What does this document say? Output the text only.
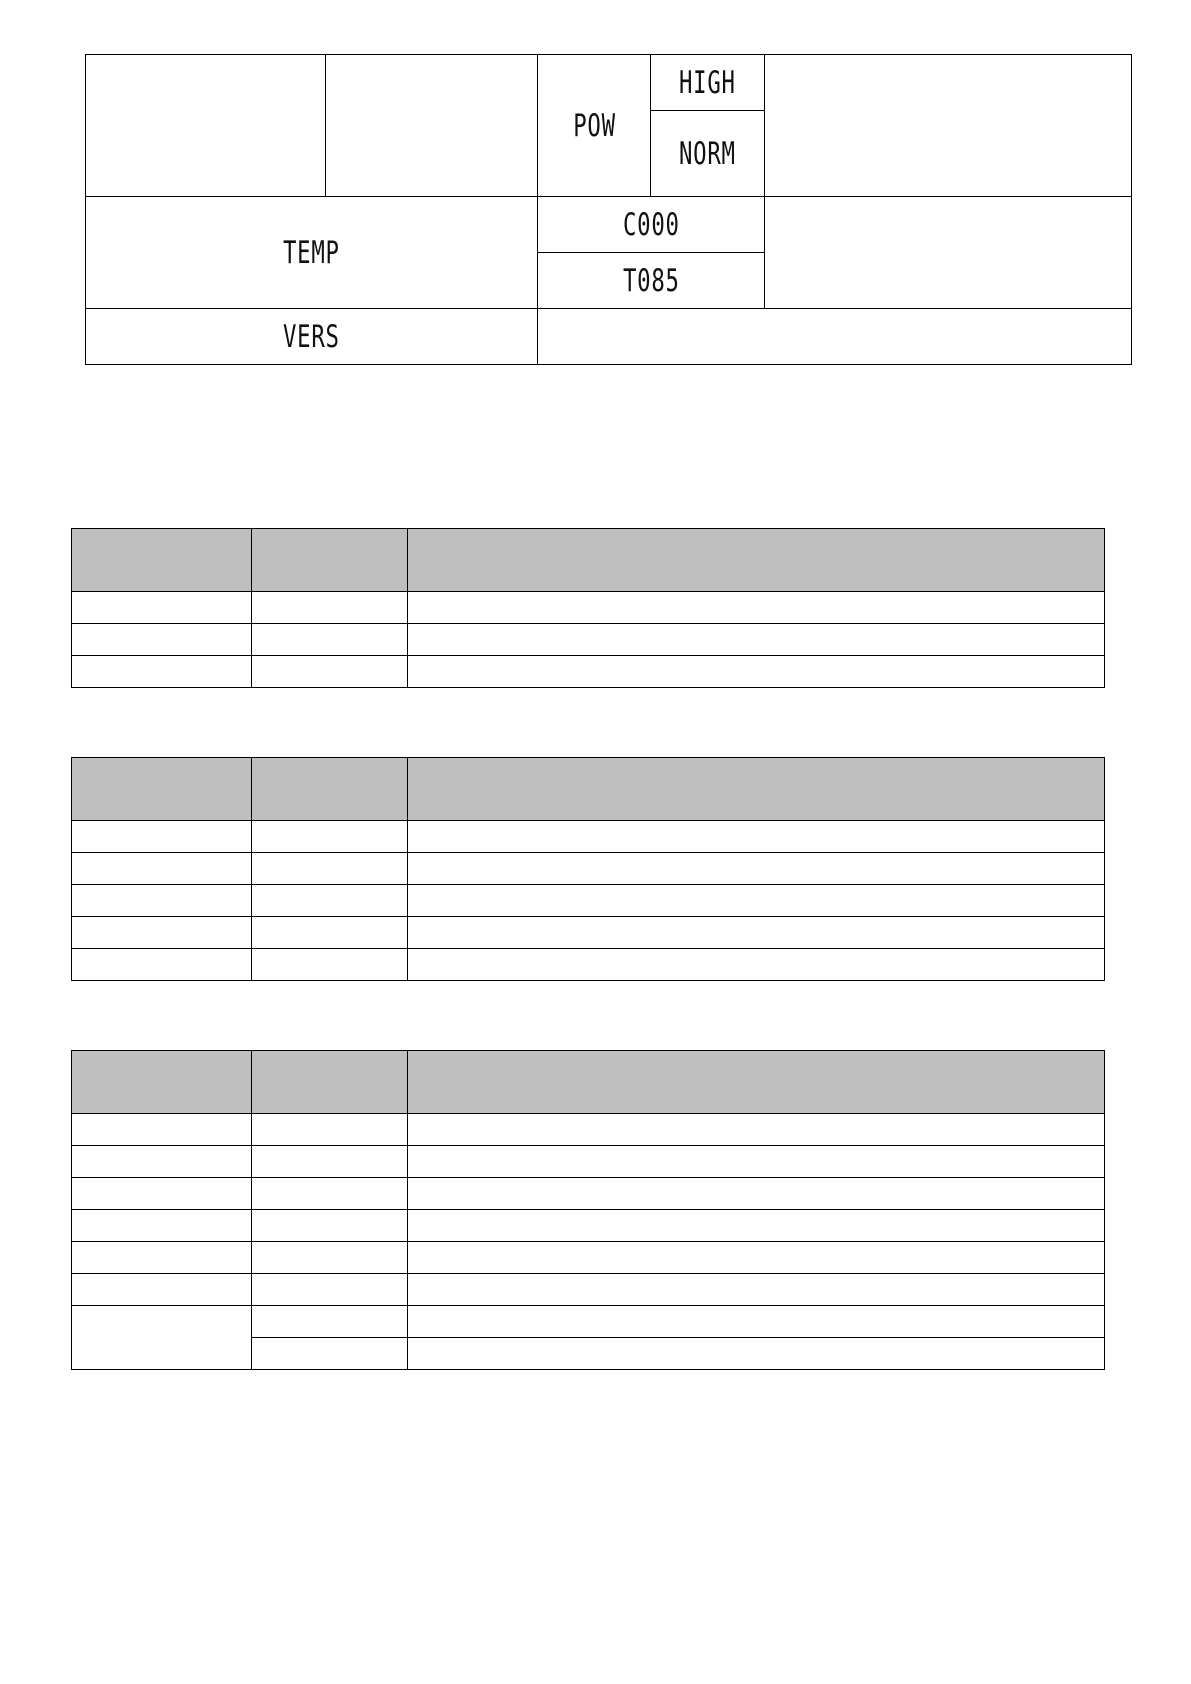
		POW	HIGH	
			NORM	
TEMP		C000		
		T085		
VERS				
